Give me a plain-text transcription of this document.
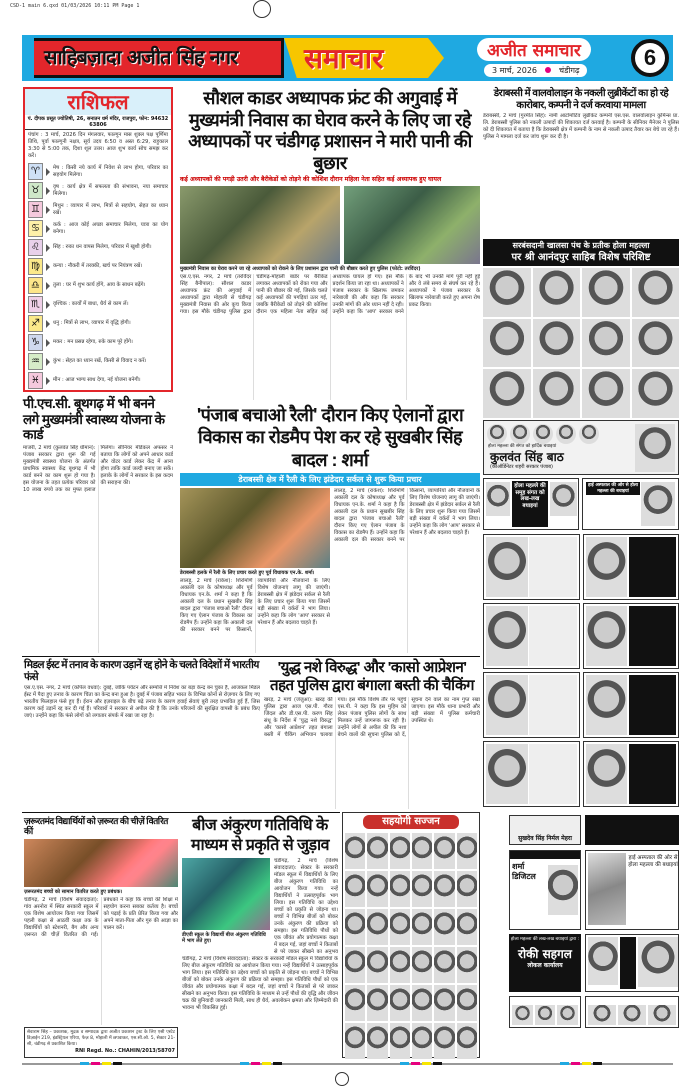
CSD-1 main 6.qxd 01/03/2026 10:11 PM Page 1
साहिबज़ादा अजीत सिंह नगर	समाचार	अजीत समाचार
3 मार्च, 2026	चंडीगढ़
6
राशिफल
पं. दीपक प्रसूत ज्योतिषी, 26, सनातन धर्म मंदिर, राजपुरा, फोन: 94632 63806
पंचांग : 3 मार्च, 2026 दिन मंगलवार, फाल्गुन मास शुक्ल पक्ष पूर्णिमा तिथि, पूर्वा फाल्गुनी नक्षत्र, सूर्य उदय 6:50 व अस्त 6:29, राहुकाल 3:30 से 5:00 तक, दिशा शूल उत्तर। आज शुभ कार्य सोच समझ कर करें।
♈	मेष : किसी नये कार्य में निवेश से लाभ होगा, परिवार का सहयोग मिलेगा।
♉	वृष : कार्य क्षेत्र में सफलता की संभावना, नया समाचार मिलेगा।
♊	मिथुन : व्यापार में लाभ, मित्रों से सहयोग, सेहत का ध्यान रखें।
♋	कर्क : आज कोई अच्छा समाचार मिलेगा, यात्रा का योग बनेगा।
♌	सिंह : रुका धन वापस मिलेगा, परिवार में खुशी होगी।
♍	कन्या : नौकरी में तरक्की, खर्च पर नियंत्रण रखें।
♎	तुला : घर में शुभ कार्य होंगे, आय के साधन बढ़ेंगे।
♏	वृश्चिक : कार्यों में बाधा, धैर्य से काम लें।
♐	धनु : मित्रों से लाभ, व्यापार में वृद्धि होगी।
♑	मकर : मन प्रसन्न रहेगा, रुके काम पूरे होंगे।
♒	कुंभ : सेहत का ध्यान रखें, किसी से विवाद न करें।
♓	मीन : आज भाग्य साथ देगा, नई योजना बनेगी।
पी.एच.सी. बूथगढ़ में भी बनने लगे मुख्यमंत्री स्वास्थ्य योजना के कार्ड
माजरी, 2 मार्च (कुलवंत सिंह धीमान): पंजाब सरकार द्वारा शुरू की गई मुख्यमंत्री स्वास्थ्य योजना के अंतर्गत प्राथमिक स्वास्थ्य केंद्र बूथगढ़ में भी कार्ड बनने का काम शुरू हो गया है। इस योजना के तहत प्रत्येक परिवार को 10 लाख रुपये तक का मुफ्त इलाज मिलेगा। सीनियर मेडिकल अफसर ने बताया कि लोगों को अपने आधार कार्ड और वोटर कार्ड लेकर केंद्र में आना होगा ताकि कार्ड जल्दी बनाए जा सकें। इलाके के लोगों ने सरकार के इस कदम की सराहना की।
सौशल काडर अध्यापक फ्रंट की अगुवाई में मुख्यमंत्री निवास का घेराव करने के लिए जा रहे अध्यापकों पर चंडीगढ़ प्रशासन ने मारी पानी की बुछार
कई अध्यापकों की पगड़ी उतरी और बैरीकेडों को तोड़ने की कोशिश दौरान महिला नेता सहित कई अध्यापक हुए घायल
मुख्यमंत्री निवास का घेराव करने जा रहे अध्यापकों को रोकने के लिए प्रशासन द्वारा पानी की बौछार करते हुए पुलिस (फोटो: तरविंदर)
एस.ए.एस. नगर, 2 मार्च (तरविंदर सिंह बैनीपाल): सौशल काडर अध्यापक फ्रंट की अगुवाई में अध्यापकों द्वारा मोहाली से चंडीगढ़ मुख्यमंत्री निवास की ओर कूच किया गया। इस मौके चंडीगढ़ पुलिस द्वारा चंडीगढ़-मोहाली बार्डर पर बैरीकेड लगाकर अध्यापकों को रोका गया और पानी की बौछार की गई, जिसके चलते कई अध्यापकों की पगड़ियां उतर गईं, जबकि बैरीकेडों को तोड़ने की कोशिश दौरान एक महिला नेता सहित कई अध्यापक घायल हो गए। इस मौके प्रदर्शन किया जा रहा था। अध्यापकों ने पंजाब सरकार के खिलाफ जमकर नारेबाजी की और कहा कि सरकार उनकी मांगों की ओर ध्यान नहीं दे रही। उन्होंने कहा कि 'आप' सरकार बनने के बाद भी उनकी मांगें पूरी नहीं हुईं और वे लंबे समय से संघर्ष कर रहे हैं। अध्यापकों ने पंजाब सरकार के खिलाफ नारेबाजी करते हुए अपना रोष प्रकट किया।
'पंजाब बचाओ रैली' दौरान किए ऐलानों द्वारा विकास का रोडमैप पेश कर रहे सुखबीर सिंह बादल : शर्मा
डेराबस्सी क्षेत्र में रैली के लिए झंडेदार सर्कल से शुरू किया प्रचार
डेराबस्सी हलके में रैली के लिए प्रचार करते हुए पूर्व विधायक एन.के. शर्मा।
लालड़ू, 2 मार्च (राकेश): शिरोमणि अकाली दल के कोषाध्यक्ष और पूर्व विधायक एन.के. शर्मा ने कहा है कि अकाली दल के प्रधान सुखबीर सिंह बादल द्वारा 'पंजाब बचाओ रैली' दौरान किए गए ऐलान पंजाब के विकास का रोडमैप हैं। उन्होंने कहा कि अकाली दल की सरकार बनने पर किसानों, व्यापारियों और नौजवानों के लिए विशेष योजनाएं लागू की जाएंगी। डेराबस्सी क्षेत्र में झंडेदार सर्कल से रैली के लिए प्रचार शुरू किया गया जिसमें बड़ी संख्या में वर्करों ने भाग लिया। उन्होंने कहा कि लोग 'आप' सरकार से परेशान हैं और बदलाव चाहते हैं।
लालड़ू, 2 मार्च (राकेश): शिरोमणि अकाली दल के कोषाध्यक्ष और पूर्व विधायक एन.के. शर्मा ने कहा है कि अकाली दल के प्रधान सुखबीर सिंह बादल द्वारा 'पंजाब बचाओ रैली' दौरान किए गए ऐलान पंजाब के विकास का रोडमैप हैं। उन्होंने कहा कि अकाली दल की सरकार बनने पर किसानों, व्यापारियों और नौजवानों के लिए विशेष योजनाएं लागू की जाएंगी। डेराबस्सी क्षेत्र में झंडेदार सर्कल से रैली के लिए प्रचार शुरू किया गया जिसमें बड़ी संख्या में वर्करों ने भाग लिया। उन्होंने कहा कि लोग 'आप' सरकार से परेशान हैं और बदलाव चाहते हैं।
डेराबस्सी में वालवोलाइन के नकली लुब्रीकेंटों का हो रहे कारोबार, कम्पनी ने दर्ज करवाया मामला
डेराबस्सी, 2 मार्च (गुरमीत सिंह): नामी आटोमोटिव लुब्रीकेंट कम्पनी एस.एस. वालवोलाइन कुमिन्स प्रा. लि. डेराबस्सी पुलिस को नकली उत्पादों की शिकायत दर्ज करवाई है। कम्पनी के सीनियर मैनेजर ने पुलिस को दी शिकायत में बताया है कि डेराबस्सी क्षेत्र में कम्पनी के नाम से नकली उत्पाद तैयार कर बेचे जा रहे हैं। पुलिस ने मामला दर्ज कर जांच शुरू कर दी है।
सरबंसदानी खालसा पंथ के प्रतीक होला महल्ला
पर श्री आनंदपुर साहिब विशेष परिशिष्ट
मिडल ईस्ट में तनाव के कारण उड़ानें रद्द होने के चलते विदेशों में भारतीय फंसे
एस.ए.एस. नगर, 2 मार्च (कपिल वधवा): दुबई, जोकि पर्यटन और सम्पत्ति में निवेश का बड़ा केन्द्र बन चुका है, आजकल मिडल ईस्ट में पैदा हुए तनाव के कारण चिंता का केन्द्र बना हुआ है। दुबई में पंजाब सहित भारत के विभिन्न कोनों से रोज़गार के लिए गए भारतीय फिलहाल फंसे हुए हैं। ईरान और इज़राइल के बीच बढ़े तनाव के कारण हवाई सेवाएं बुरी तरह प्रभावित हुई हैं, जिस कारण कई उड़ानें रद्द कर दी गई हैं। परिवारों ने सरकार से अपील की है कि उनके परिजनों की सुरक्षित वापसी के प्रबंध किए जाएं। उन्होंने कहा कि फंसे लोगों को लगातार संपर्क में रखा जा रहा है।
'युद्ध नशे विरुद्ध' और 'कासो आप्रेशन' तहत पुलिस द्वारा बंगाला बस्ती की चैकिंग
खरड़, 2 मार्च (जंजुआ): खरड़ की पुलिस द्वारा आज एस.पी. गौरव जिंदल और डी.एस.पी. करण सिंह संधू के निर्देश में 'युद्ध नशे विरुद्ध' और 'कासो आप्रेशन' तहत बंगाला बस्ती में चैकिंग अभियान चलाया गया। इस मौके विशेष तौर पर पहुंचे एस.पी. ने कहा कि इस मुहिम को लेकर पंजाब पुलिस लोगों के साथ मिलकर उन्हें जागरूक कर रही है। उन्होंने लोगों से अपील की कि नशा बेचने वालों की सूचना पुलिस को दें, सूचना देने वाले का नाम गुप्त रखा जाएगा। इस मौके थाना प्रभारी और बड़ी संख्या में पुलिस कर्मचारी उपस्थित थे।
ज़रूरतमंद विद्यार्थियों को ज़रूरत की चीज़ें वितरित कीं
ज़रूरतमंद बच्चों को सामान वितरित करते हुए प्रबंधक।
चंडीगढ़, 2 मार्च (विशेष संवाददाता): गांव अरनोरा में स्थित सरकारी स्कूल में एक विशेष आयोजन किया गया जिसमें पहली कक्षा से आठवीं कक्षा तक के विद्यार्थियों को स्टेशनरी, बैग और अन्य ज़रूरत की चीज़ें वितरित की गईं। प्रबंधकों ने कहा कि बच्चों की शिक्षा में सहयोग करना सबका कर्तव्य है। बच्चों को पढ़ाई के प्रति प्रेरित किया गया और अपने माता-पिता और गुरु की आज्ञा का पालन करें।
सेवाराम सिंह – प्रकाशक, मुद्रक व सम्पादक द्वारा अजीत प्रकाशन ट्रस्ट के लिए एसी एस्टेट डिज़ाईन 219, इंडस्ट्रियल एरिया, फेज़ 8, मोहाली में छपवाकर, एस.सी.ओ. 5, सेक्टर 21-सी, चंडीगढ़ से प्रकाशित किया।
RNI Regd. No.: CHAHIN/2013/58707
बीज अंकुरण गतिविधि के माध्यम से प्रकृति से जुड़ाव
डीएवी स्कूल के विद्यार्थी बीज अंकुरण गतिविधि में भाग लेते हुए।
चंडीगढ़, 2 मार्च (विशेष संवाददाता): सेक्टर के सरकारी मॉडल स्कूल में विद्यार्थियों के लिए बीज अंकुरण गतिविधि का आयोजन किया गया। नन्हें विद्यार्थियों ने उत्साहपूर्वक भाग लिया। इस गतिविधि का उद्देश्य बच्चों को प्रकृति से जोड़ना था। बच्चों ने विभिन्न बीजों को बोकर उनके अंकुरण की प्रक्रिया को समझा। इस गतिविधि पौधों को एक जीवंत और प्रयोगात्मक कक्षा में बदल गई, जहां बच्चों ने किताबों से परे जाकर सीखने का अनुभव
चंडीगढ़, 2 मार्च (विशेष संवाददाता): सेक्टर के सरकारी मॉडल स्कूल में विद्यार्थियों के लिए बीज अंकुरण गतिविधि का आयोजन किया गया। नन्हें विद्यार्थियों ने उत्साहपूर्वक भाग लिया। इस गतिविधि का उद्देश्य बच्चों को प्रकृति से जोड़ना था। बच्चों ने विभिन्न बीजों को बोकर उनके अंकुरण की प्रक्रिया को समझा। इस गतिविधि पौधों को एक जीवंत और प्रयोगात्मक कक्षा में बदल गई, जहां बच्चों ने किताबों से परे जाकर सीखने का अनुभव किया। इस गतिविधि के माध्यम से उन्हें पौधों की वृद्धि और जीवन चक्र की बुनियादी जानकारी मिली, साथ ही धैर्य, अवलोकन क्षमता और ज़िम्मेदारी की भावना भी विकसित हुई।
सहयोगी सज्जन
होला महल्ला की संगत को हार्दिक बधाइयां
कुलवंत सिंह बाठ
(कोऑर्डिनेटर शहरी सरकार पंजाब)
होला महल्ले की समूह संगत को लख-लख बधाइयां
हाई अस्पताल की ओर से होला महल्ला की बधाइयां
सुखदेव सिंह निर्मल मेहरा
शर्मा डिजिटल
हाई अस्पताल की ओर से होला महल्ला की बधाइयां
होला महल्ला की लख-लख बधाइयां द्वारा :
रोकी सहगल
लोकल कार्यालय
